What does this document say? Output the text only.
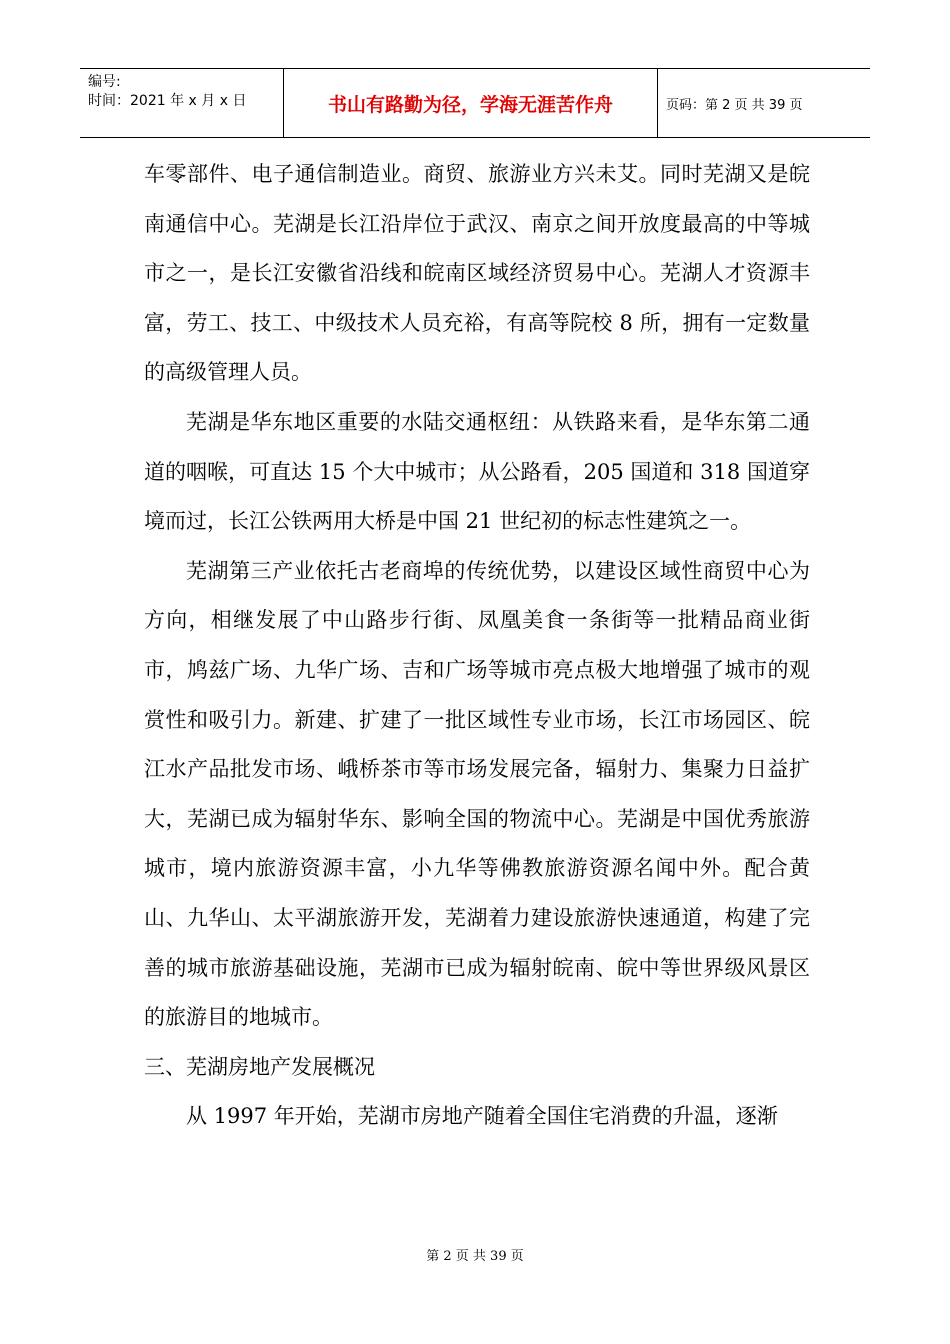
编号:
时间：2021 年 x 月 x 日	书山有路勤为径，学海无涯苦作舟	页码：第 2 页 共 39 页

车零部件、电子通信制造业。商贸、旅游业方兴未艾。同时芜湖又是皖南通信中心。芜湖是长江沿岸位于武汉、南京之间开放度最高的中等城市之一，是长江安徽省沿线和皖南区域经济贸易中心。芜湖人才资源丰富，劳工、技工、中级技术人员充裕，有高等院校 8 所，拥有一定数量的高级管理人员。

芜湖是华东地区重要的水陆交通枢纽：从铁路来看，是华东第二通道的咽喉，可直达 15 个大中城市；从公路看，205 国道和 318 国道穿境而过，长江公铁两用大桥是中国 21 世纪初的标志性建筑之一。

芜湖第三产业依托古老商埠的传统优势，以建设区域性商贸中心为方向，相继发展了中山路步行街、凤凰美食一条街等一批精品商业街市，鸠兹广场、九华广场、吉和广场等城市亮点极大地增强了城市的观赏性和吸引力。新建、扩建了一批区域性专业市场，长江市场园区、皖江水产品批发市场、峨桥茶市等市场发展完备，辐射力、集聚力日益扩大，芜湖已成为辐射华东、影响全国的物流中心。芜湖是中国优秀旅游城市，境内旅游资源丰富，小九华等佛教旅游资源名闻中外。配合黄山、九华山、太平湖旅游开发，芜湖着力建设旅游快速通道，构建了完善的城市旅游基础设施，芜湖市已成为辐射皖南、皖中等世界级风景区的旅游目的地城市。

三、芜湖房地产发展概况

从 1997 年开始，芜湖市房地产随着全国住宅消费的升温，逐渐

第 2 页 共 39 页
